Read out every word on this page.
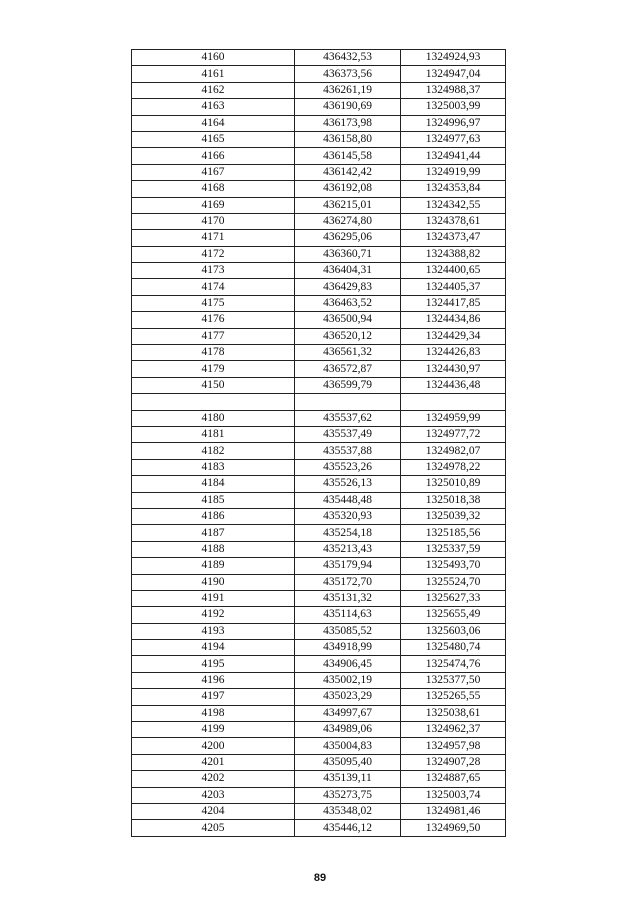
4160	436432,53	1324924,93
4161	436373,56	1324947,04
4162	436261,19	1324988,37
4163	436190,69	1325003,99
4164	436173,98	1324996,97
4165	436158,80	1324977,63
4166	436145,58	1324941,44
4167	436142,42	1324919,99
4168	436192,08	1324353,84
4169	436215,01	1324342,55
4170	436274,80	1324378,61
4171	436295,06	1324373,47
4172	436360,71	1324388,82
4173	436404,31	1324400,65
4174	436429,83	1324405,37
4175	436463,52	1324417,85
4176	436500,94	1324434,86
4177	436520,12	1324429,34
4178	436561,32	1324426,83
4179	436572,87	1324430,97
4150	436599,79	1324436,48

4180	435537,62	1324959,99
4181	435537,49	1324977,72
4182	435537,88	1324982,07
4183	435523,26	1324978,22
4184	435526,13	1325010,89
4185	435448,48	1325018,38
4186	435320,93	1325039,32
4187	435254,18	1325185,56
4188	435213,43	1325337,59
4189	435179,94	1325493,70
4190	435172,70	1325524,70
4191	435131,32	1325627,33
4192	435114,63	1325655,49
4193	435085,52	1325603,06
4194	434918,99	1325480,74
4195	434906,45	1325474,76
4196	435002,19	1325377,50
4197	435023,29	1325265,55
4198	434997,67	1325038,61
4199	434989,06	1324962,37
4200	435004,83	1324957,98
4201	435095,40	1324907,28
4202	435139,11	1324887,65
4203	435273,75	1325003,74
4204	435348,02	1324981,46
4205	435446,12	1324969,50
89
